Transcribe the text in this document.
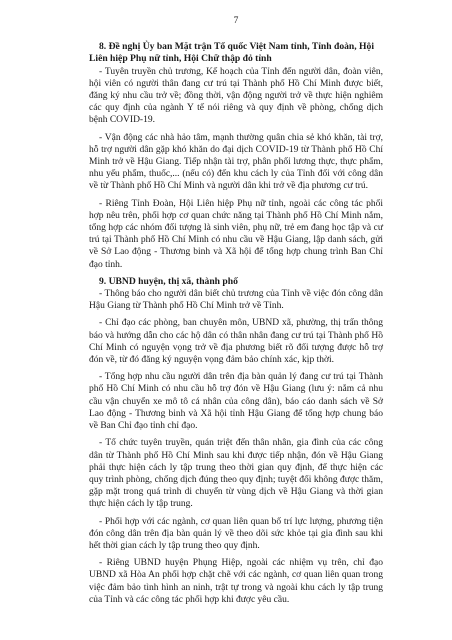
7
8. Đề nghị Ủy ban Mặt trận Tổ quốc Việt Nam tỉnh, Tỉnh đoàn, Hội Liên hiệp Phụ nữ tỉnh, Hội Chữ thập đỏ tỉnh

- Tuyên truyền chủ trương, Kế hoạch của Tỉnh đến người dân, đoàn viên, hội viên có người thân đang cư trú tại Thành phố Hồ Chí Minh được biết, đăng ký nhu cầu trở về; đồng thời, vận động người trở về thực hiện nghiêm các quy định của ngành Y tế nói riêng và quy định về phòng, chống dịch bệnh COVID-19.

- Vận động các nhà hảo tâm, mạnh thường quân chia sẻ khó khăn, tài trợ, hỗ trợ người dân gặp khó khăn do đại dịch COVID-19 từ Thành phố Hồ Chí Minh trở về Hậu Giang. Tiếp nhận tài trợ, phân phối lương thực, thực phẩm, nhu yếu phẩm, thuốc,... (nếu có) đến khu cách ly của Tỉnh đối với công dân về từ Thành phố Hồ Chí Minh và người dân khi trở về địa phương cư trú.

- Riêng Tỉnh Đoàn, Hội Liên hiệp Phụ nữ tỉnh, ngoài các công tác phối hợp nêu trên, phối hợp cơ quan chức năng tại Thành phố Hồ Chí Minh nắm, tổng hợp các nhóm đối tượng là sinh viên, phụ nữ, trẻ em đang học tập và cư trú tại Thành phố Hồ Chí Minh có nhu cầu về Hậu Giang, lập danh sách, gửi về Sở Lao động - Thương binh và Xã hội để tổng hợp chung trình Ban Chỉ đạo tỉnh.

9. UBND huyện, thị xã, thành phố

- Thông báo cho người dân biết chủ trương của Tỉnh về việc đón công dân Hậu Giang từ Thành phố Hồ Chí Minh trở về Tỉnh.

- Chỉ đạo các phòng, ban chuyên môn, UBND xã, phường, thị trấn thông báo và hướng dẫn cho các hộ dân có thân nhân đang cư trú tại Thành phố Hồ Chí Minh có nguyện vọng trở về địa phương biết rõ đối tượng được hỗ trợ đón về, từ đó đăng ký nguyện vọng đảm bảo chính xác, kịp thời.

- Tổng hợp nhu cầu người dân trên địa bàn quản lý đang cư trú tại Thành phố Hồ Chí Minh có nhu cầu hỗ trợ đón về Hậu Giang (lưu ý: nắm cả nhu cầu vận chuyển xe mô tô cá nhân của công dân), báo cáo danh sách về Sở Lao động - Thương binh và Xã hội tỉnh Hậu Giang để tổng hợp chung báo về Ban Chỉ đạo tỉnh chỉ đạo.

- Tổ chức tuyên truyền, quán triệt đến thân nhân, gia đình của các công dân từ Thành phố Hồ Chí Minh sau khi được tiếp nhận, đón về Hậu Giang phải thực hiện cách ly tập trung theo thời gian quy định, để thực hiện các quy trình phòng, chống dịch đúng theo quy định; tuyệt đối không được thăm, gặp mặt trong quá trình di chuyển từ vùng dịch về Hậu Giang và thời gian thực hiện cách ly tập trung.

- Phối hợp với các ngành, cơ quan liên quan bố trí lực lượng, phương tiện đón công dân trên địa bàn quản lý về theo dõi sức khỏe tại gia đình sau khi hết thời gian cách ly tập trung theo quy định.

- Riêng UBND huyện Phụng Hiệp, ngoài các nhiệm vụ trên, chỉ đạo UBND xã Hòa An phối hợp chặt chẽ với các ngành, cơ quan liên quan trong việc đảm bảo tình hình an ninh, trật tự trong và ngoài khu cách ly tập trung của Tỉnh và các công tác phối hợp khi được yêu cầu.
